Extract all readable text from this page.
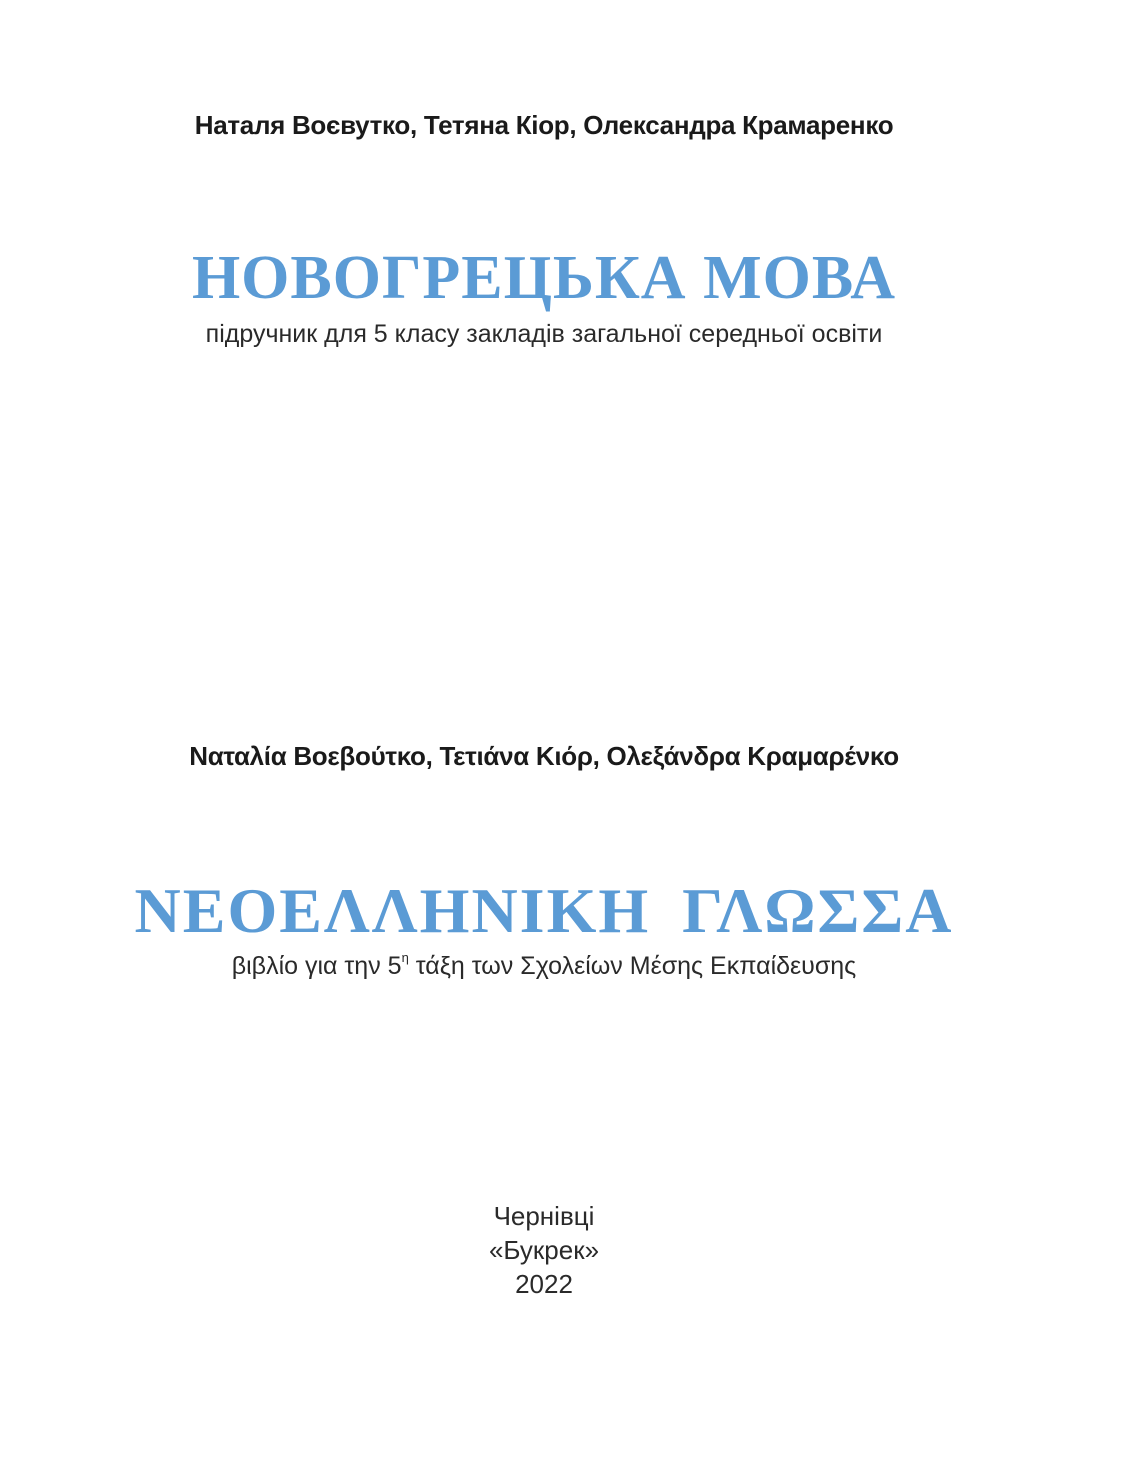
Наталя Воєвутко, Тетяна Кіор, Олександра Крамаренко
НОВОГРЕЦЬКА МОВА
підручник для 5 класу закладів загальної середньої освіти
Ναταλία Βοεβούτκο, Τετιάνα Κιόρ, Ολεξάνδρα Κραμαρένκο
ΝΕΟΕΛΛΗΝΙΚΗ ΓΛΩΣΣΑ
βιβλίο για την $5^\eta$ τάξη των Σχολείων Μέσης Εκπαίδευσης
Чернівці
«Букрек»
2022
